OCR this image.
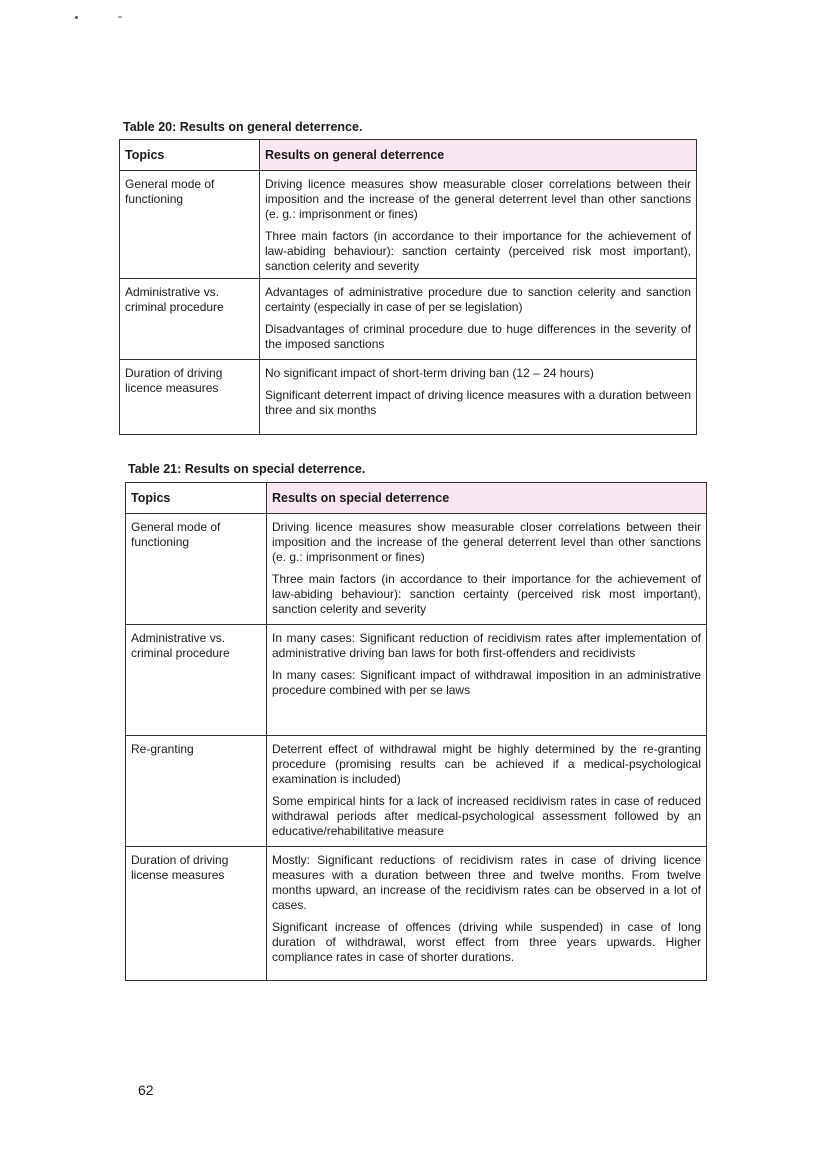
Table 20: Results on general deterrence.
Topics	Results on general deterrence
General mode of functioning	Driving licence measures show measurable closer correlations between their imposition and the increase of the general deterrent level than other sanctions (e. g.: imprisonment or fines)

Three main factors (in accordance to their importance for the achievement of law-abiding behaviour): sanction certainty (perceived risk most important), sanction celerity and severity

Administrative vs. criminal procedure	Advantages of administrative procedure due to sanction celerity and sanction certainty (especially in case of per se legislation)

Disadvantages of criminal procedure due to huge differences in the severity of the imposed sanctions

Duration of driving licence measures	No significant impact of short-term driving ban (12 – 24 hours)

Significant deterrent impact of driving licence measures with a duration between three and six months

Table 21: Results on special deterrence.
Topics	Results on special deterrence
General mode of functioning	Driving licence measures show measurable closer correlations between their imposition and the increase of the general deterrent level than other sanctions (e. g.: imprisonment or fines)

Three main factors (in accordance to their importance for the achievement of law-abiding behaviour): sanction certainty (perceived risk most important), sanction celerity and severity

Administrative vs. criminal procedure	In many cases: Significant reduction of recidivism rates after implementation of administrative driving ban laws for both first-offenders and recidivists

In many cases: Significant impact of withdrawal imposition in an administrative procedure combined with per se laws

Re-granting	Deterrent effect of withdrawal might be highly determined by the re-granting procedure (promising results can be achieved if a medical-psychological examination is included)

Some empirical hints for a lack of increased recidivism rates in case of reduced withdrawal periods after medical-psychological assessment followed by an educative/rehabilitative measure

Duration of driving license measures	Mostly: Significant reductions of recidivism rates in case of driving licence measures with a duration between three and twelve months. From twelve months upward, an increase of the recidivism rates can be observed in a lot of cases.

Significant increase of offences (driving while suspended) in case of long duration of withdrawal, worst effect from three years upwards. Higher compliance rates in case of shorter durations.

62
